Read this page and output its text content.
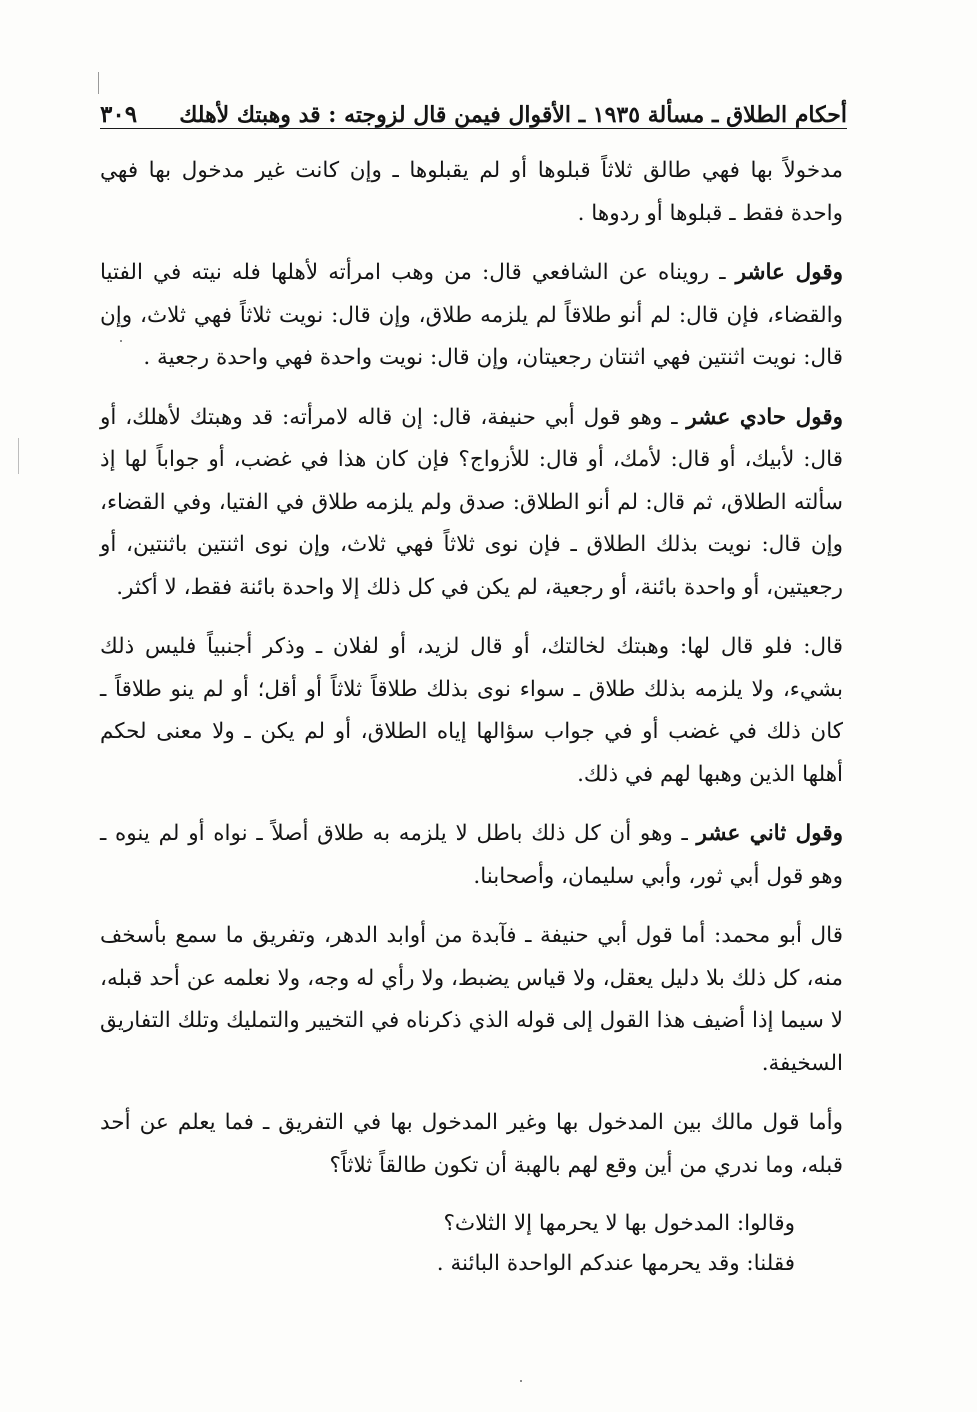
أحكام الطلاق ـ مسألة ١٩٣٥ ـ الأقوال فيمن قال لزوجته : قد وهبتك لأهلك
٣٠٩

مدخولاً بها فهي طالق ثلاثاً قبلوها أو لم يقبلوها ـ وإن كانت غير مدخول بها فهي واحدة فقط ـ قبلوها أو ردوها .

وقول عاشر ـ رويناه عن الشافعي قال: من وهب امرأته لأهلها فله نيته في الفتيا والقضاء، فإن قال: لم أنو طلاقاً لم يلزمه طلاق، وإن قال: نويت ثلاثاً فهي ثلاث، وإن قال: نويت اثنتين فهي اثنتان رجعيتان، وإن قال: نويت واحدة فهي واحدة رجعية .

وقول حادي عشر ـ وهو قول أبي حنيفة، قال: إن قاله لامرأته: قد وهبتك لأهلك، أو قال: لأبيك، أو قال: لأمك، أو قال: للأزواج؟ فإن كان هذا في غضب، أو جواباً لها إذ سألته الطلاق، ثم قال: لم أنو الطلاق: صدق ولم يلزمه طلاق في الفتيا، وفي القضاء، وإن قال: نويت بذلك الطلاق ـ فإن نوى ثلاثاً فهي ثلاث، وإن نوى اثنتين باثنتين، أو رجعيتين، أو واحدة بائنة، أو رجعية، لم يكن في كل ذلك إلا واحدة بائنة فقط، لا أكثر.

قال: فلو قال لها: وهبتك لخالتك، أو قال لزيد، أو لفلان ـ وذكر أجنبياً فليس ذلك بشيء، ولا يلزمه بذلك طلاق ـ سواء نوى بذلك طلاقاً ثلاثاً أو أقل؛ أو لم ينو طلاقاً ـ كان ذلك في غضب أو في جواب سؤالها إياه الطلاق، أو لم يكن ـ ولا معنى لحكم أهلها الذين وهبها لهم في ذلك.

وقول ثاني عشر ـ وهو أن كل ذلك باطل لا يلزمه به طلاق أصلاً ـ نواه أو لم ينوه ـ وهو قول أبي ثور، وأبي سليمان، وأصحابنا.

قال أبو محمد: أما قول أبي حنيفة ـ فآبدة من أوابد الدهر، وتفريق ما سمع بأسخف منه، كل ذلك بلا دليل يعقل، ولا قياس يضبط، ولا رأي له وجه، ولا نعلمه عن أحد قبله، لا سيما إذا أضيف هذا القول إلى قوله الذي ذكرناه في التخيير والتمليك وتلك التفاريق السخيفة.

وأما قول مالك بين المدخول بها وغير المدخول بها في التفريق ـ فما يعلم عن أحد قبله، وما ندري من أين وقع لهم بالهبة أن تكون طالقاً ثلاثاً؟

وقالوا: المدخول بها لا يحرمها إلا الثلاث؟

فقلنا: وقد يحرمها عندكم الواحدة البائنة .
